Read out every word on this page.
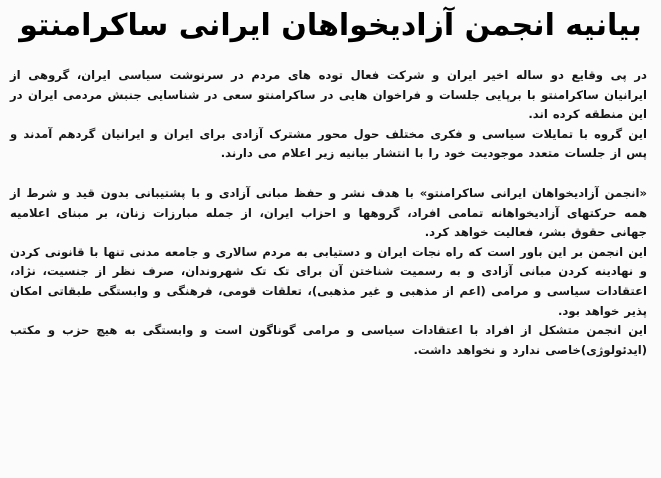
بیانیه انجمن آزادیخواهان ایرانی ساکرامنتو

در پی وقایع دو ساله اخیر ایران و شرکت فعال توده های مردم در سرنوشت سیاسی ایران، گروهی از ایرانیان ساکرامنتو با برپایی جلسات و فراخوان هایی در ساکرامنتو سعی در شناسایی جنبش مردمی ایران در این منطقه کرده اند.

این گروه با تمایلات سیاسی و فکری مختلف حول محور مشترک آزادی برای ایران و ایرانیان گردهم آمدند و پس از جلسات متعدد موجودیت خود را با انتشار بیانیه زیر اعلام می دارند.

«انجمن آزادیخواهان ایرانی ساکرامنتو» با هدف نشر و حفظ مبانی آزادی و با پشتیبانی بدون قید و شرط از همه حرکتهای آزادیخواهانه تمامی افراد، گروهها و احزاب ایران، از جمله مبارزات زنان، بر مبنای اعلامیه جهانی حقوق بشر، فعالیت خواهد کرد.

این انجمن بر این باور است که راه نجات ایران و دستیابی به مردم سالاری و جامعه مدنی تنها با قانونی کردن و نهادینه کردن مبانی آزادی و به رسمیت شناختن آن برای تک تک شهروندان، صرف نظر از جنسیت، نژاد، اعتقادات سیاسی و مرامی (اعم از مذهبی و غیر مذهبی)، تعلقات قومی، فرهنگی و وابستگی طبقاتی امکان پذیر خواهد بود.

این انجمن متشکل از افراد با اعتقادات سیاسی و مرامی گوناگون است و وابستگی به هیچ حزب و مکتب (ایدئولوژی)خاصی ندارد و نخواهد داشت.
